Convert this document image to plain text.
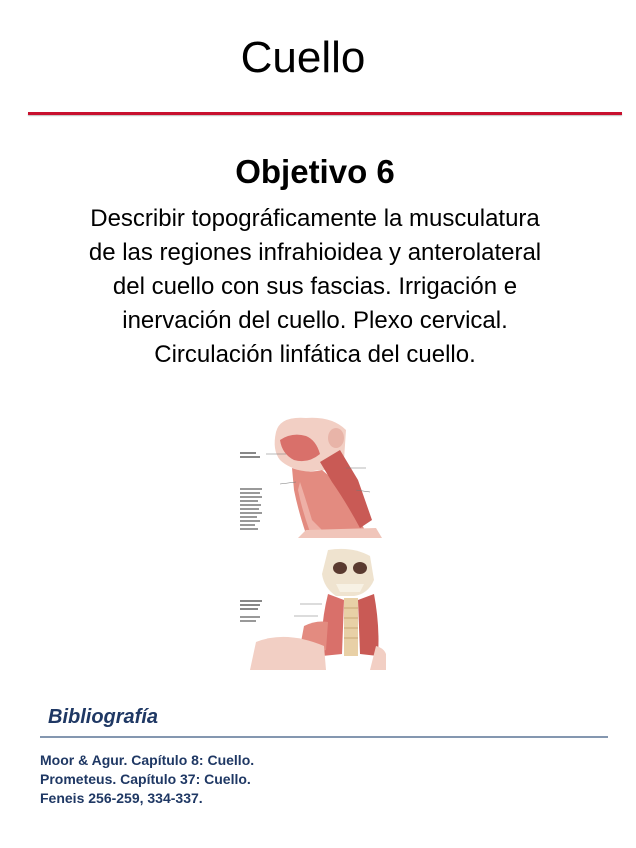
Cuello
Objetivo 6
Describir topográficamente la musculatura
de las regiones infrahioidea y anterolateral
del cuello con sus fascias. Irrigación e
inervación del cuello. Plexo cervical.
Circulación linfática del cuello.
Bibliografía
Moor & Agur. Capítulo 8: Cuello.
Prometeus. Capítulo 37: Cuello.
Feneis 256-259, 334-337.
